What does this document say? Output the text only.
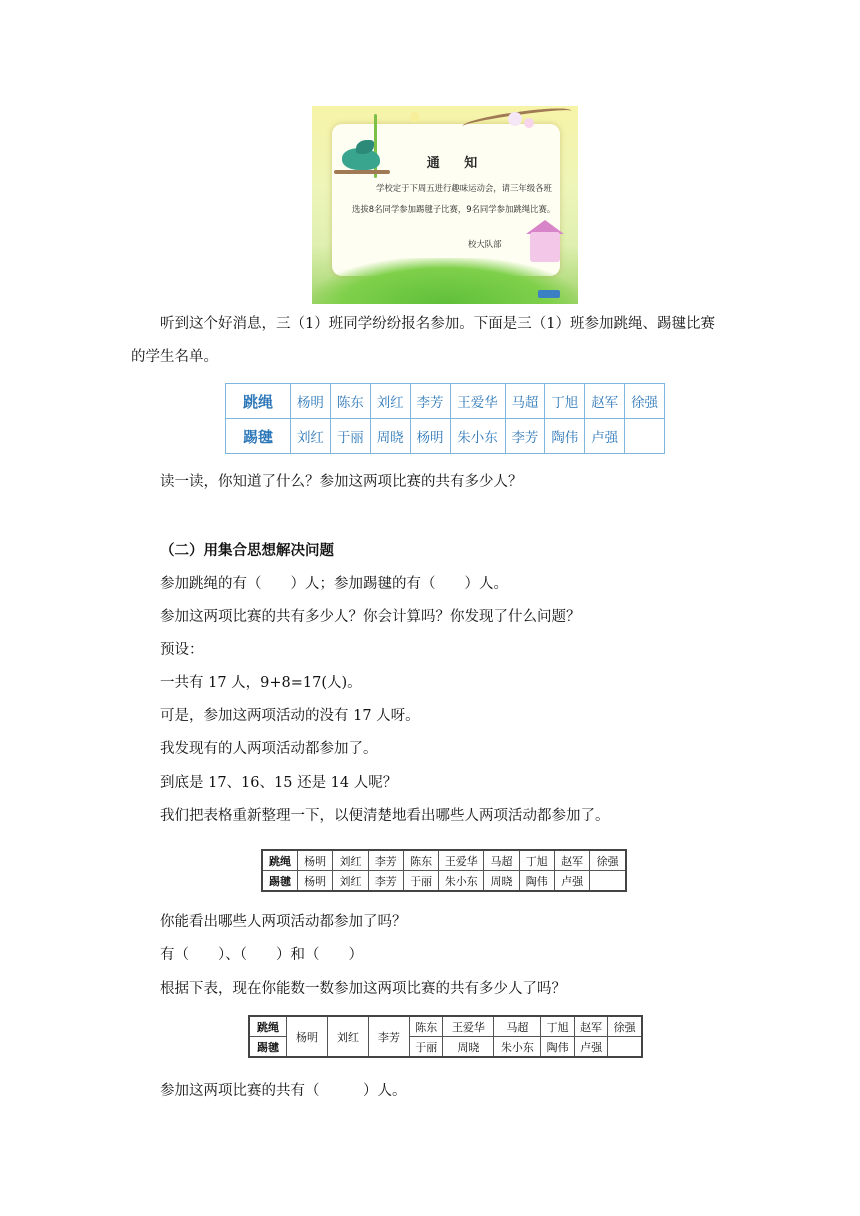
通 知
学校定于下周五进行趣味运动会，请三年级各班选拔8名同学参加踢毽子比赛，9名同学参加跳绳比赛。
校大队部
听到这个好消息，三（1）班同学纷纷报名参加。下面是三（1）班参加跳绳、踢毽比赛
的学生名单。
跳绳	杨明	陈东	刘红	李芳	王爱华	马超	丁旭	赵军	徐强
踢毽	刘红	于丽	周晓	杨明	朱小东	李芳	陶伟	卢强	
读一读，你知道了什么？参加这两项比赛的共有多少人？
（二）用集合思想解决问题
参加跳绳的有（　　）人；参加踢毽的有（　　）人。
参加这两项比赛的共有多少人？你会计算吗？你发现了什么问题？
预设：
一共有 17 人，9+8=17(人)。
可是，参加这两项活动的没有 17 人呀。
我发现有的人两项活动都参加了。
到底是 17、16、15 还是 14 人呢？
我们把表格重新整理一下，以便清楚地看出哪些人两项活动都参加了。
跳绳	杨明	刘红	李芳	陈东	王爱华	马超	丁旭	赵军	徐强
踢毽	杨明	刘红	李芳	于丽	朱小东	周晓	陶伟	卢强	
你能看出哪些人两项活动都参加了吗？
有（　　）、（　　）和（　　）
根据下表，现在你能数一数参加这两项比赛的共有多少人了吗？
跳绳	杨明	刘红	李芳	陈东	王爱华	马超	丁旭	赵军	徐强
踢毽				于丽	周晓	朱小东	陶伟	卢强	
参加这两项比赛的共有（　　　）人。
